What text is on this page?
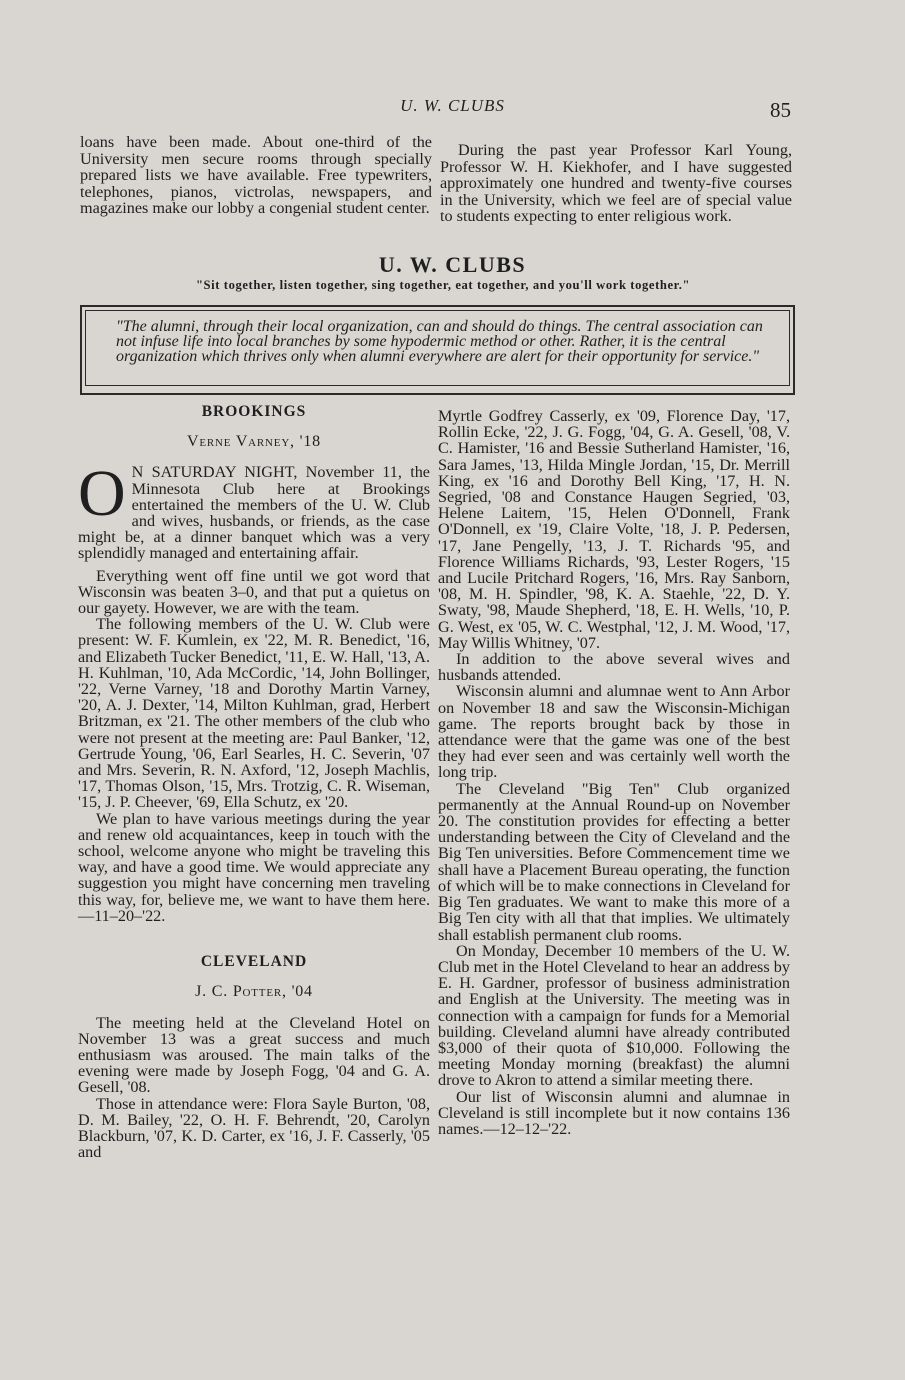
U. W. CLUBS	85

loans have been made. About one-third of the University men secure rooms through specially prepared lists we have available. Free typewriters, telephones, pianos, victrolas, newspapers, and magazines make our lobby a congenial student center.

During the past year Professor Karl Young, Professor W. H. Kiekhofer, and I have suggested approximately one hundred and twenty-five courses in the University, which we feel are of special value to students expecting to enter religious work.

U. W. CLUBS
"Sit together, listen together, sing together, eat together, and you'll work together."
"The alumni, through their local organization, can and should do things. The central association can not infuse life into local branches by some hypodermic method or other. Rather, it is the central organization which thrives only when alumni everywhere are alert for their opportunity for service."
BROOKINGS
Verne Varney, '18

O N SATURDAY NIGHT, November 11, the Minnesota Club here at Brookings entertained the members of the U. W. Club and wives, husbands, or friends, as the case might be, at a dinner banquet which was a very splendidly managed and entertaining affair.

Everything went off fine until we got word that Wisconsin was beaten 3–0, and that put a quietus on our gayety. However, we are with the team.

The following members of the U. W. Club were present: W. F. Kumlein, ex '22, M. R. Benedict, '16, and Elizabeth Tucker Benedict, '11, E. W. Hall, '13, A. H. Kuhlman, '10, Ada McCordic, '14, John Bollinger, '22, Verne Varney, '18 and Dorothy Martin Varney, '20, A. J. Dexter, '14, Milton Kuhlman, grad, Herbert Britzman, ex '21. The other members of the club who were not present at the meeting are: Paul Banker, '12, Gertrude Young, '06, Earl Searles, H. C. Severin, '07 and Mrs. Severin, R. N. Axford, '12, Joseph Machlis, '17, Thomas Olson, '15, Mrs. Trotzig, C. R. Wiseman, '15, J. P. Cheever, '69, Ella Schutz, ex '20.

We plan to have various meetings during the year and renew old acquaintances, keep in touch with the school, welcome anyone who might be traveling this way, and have a good time. We would appreciate any suggestion you might have concerning men traveling this way, for, believe me, we want to have them here.—11–20–'22.

CLEVELAND
J. C. Potter, '04

The meeting held at the Cleveland Hotel on November 13 was a great success and much enthusiasm was aroused. The main talks of the evening were made by Joseph Fogg, '04 and G. A. Gesell, '08.

Those in attendance were: Flora Sayle Burton, '08, D. M. Bailey, '22, O. H. F. Behrendt, '20, Carolyn Blackburn, '07, K. D. Carter, ex '16, J. F. Casserly, '05 and

Myrtle Godfrey Casserly, ex '09, Florence Day, '17, Rollin Ecke, '22, J. G. Fogg, '04, G. A. Gesell, '08, V. C. Hamister, '16 and Bessie Sutherland Hamister, '16, Sara James, '13, Hilda Mingle Jordan, '15, Dr. Merrill King, ex '16 and Dorothy Bell King, '17, H. N. Segried, '08 and Constance Haugen Segried, '03, Helene Laitem, '15, Helen O'Donnell, Frank O'Donnell, ex '19, Claire Volte, '18, J. P. Pedersen, '17, Jane Pengelly, '13, J. T. Richards '95, and Florence Williams Richards, '93, Lester Rogers, '15 and Lucile Pritchard Rogers, '16, Mrs. Ray Sanborn, '08, M. H. Spindler, '98, K. A. Staehle, '22, D. Y. Swaty, '98, Maude Shepherd, '18, E. H. Wells, '10, P. G. West, ex '05, W. C. Westphal, '12, J. M. Wood, '17, May Willis Whitney, '07.

In addition to the above several wives and husbands attended.

Wisconsin alumni and alumnae went to Ann Arbor on November 18 and saw the Wisconsin-Michigan game. The reports brought back by those in attendance were that the game was one of the best they had ever seen and was certainly well worth the long trip.

The Cleveland "Big Ten" Club organized permanently at the Annual Round-up on November 20. The constitution provides for effecting a better understanding between the City of Cleveland and the Big Ten universities. Before Commencement time we shall have a Placement Bureau operating, the function of which will be to make connections in Cleveland for Big Ten graduates. We want to make this more of a Big Ten city with all that that implies. We ultimately shall establish permanent club rooms.

On Monday, December 10 members of the U. W. Club met in the Hotel Cleveland to hear an address by E. H. Gardner, professor of business administration and English at the University. The meeting was in connection with a campaign for funds for a Memorial building. Cleveland alumni have already contributed $3,000 of their quota of $10,000. Following the meeting Monday morning (breakfast) the alumni drove to Akron to attend a similar meeting there.

Our list of Wisconsin alumni and alumnae in Cleveland is still incomplete but it now contains 136 names.—12–12–'22.
